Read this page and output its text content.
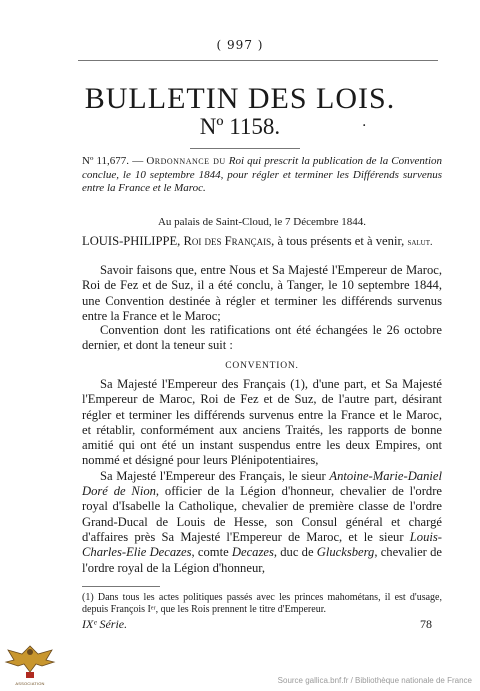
( 997 )
BULLETIN DES LOIS.
Nº 1158.	·
Nº 11,677. — Ordonnance du Roi qui prescrit la publication de la Convention conclue, le 10 septembre 1844, pour régler et terminer les Différends survenus entre la France et le Maroc.
Au palais de Saint-Cloud, le 7 Décembre 1844.

LOUIS-PHILIPPE, Roi des Français, à tous présents et à venir, salut.

Savoir faisons que, entre Nous et Sa Majesté l'Empereur de Maroc, Roi de Fez et de Suz, il a été conclu, à Tanger, le 10 septembre 1844, une Convention destinée à régler et terminer les différends survenus entre la France et le Maroc;

Convention dont les ratifications ont été échangées le 26 octobre dernier, et dont la teneur suit :

CONVENTION.

Sa Majesté l'Empereur des Français (1), d'une part, et Sa Majesté l'Empereur de Maroc, Roi de Fez et de Suz, de l'autre part, désirant régler et terminer les différends survenus entre la France et le Maroc, et rétablir, conformément aux anciens Traités, les rapports de bonne amitié qui ont été un instant suspendus entre les deux Empires, ont nommé et désigné pour leurs Plénipotentiaires,

Sa Majesté l'Empereur des Français, le sieur Antoine-Marie-Daniel Doré de Nion, officier de la Légion d'honneur, chevalier de l'ordre royal d'Isabelle la Catholique, chevalier de première classe de l'ordre Grand-Ducal de Louis de Hesse, son Consul général et chargé d'affaires près Sa Majesté l'Empereur de Maroc, et le sieur Louis-Charles-Elie Decazes, comte Decazes, duc de Glucksberg, chevalier de l'ordre royal de la Légion d'honneur,

(1) Dans tous les actes politiques passés avec les princes mahométans, il est d'usage, depuis François Iᵉʳ, que les Rois prennent le titre d'Empereur.
IXᵉ Série.	78
ASSOCIATION	Source gallica.bnf.fr / Bibliothèque nationale de France
